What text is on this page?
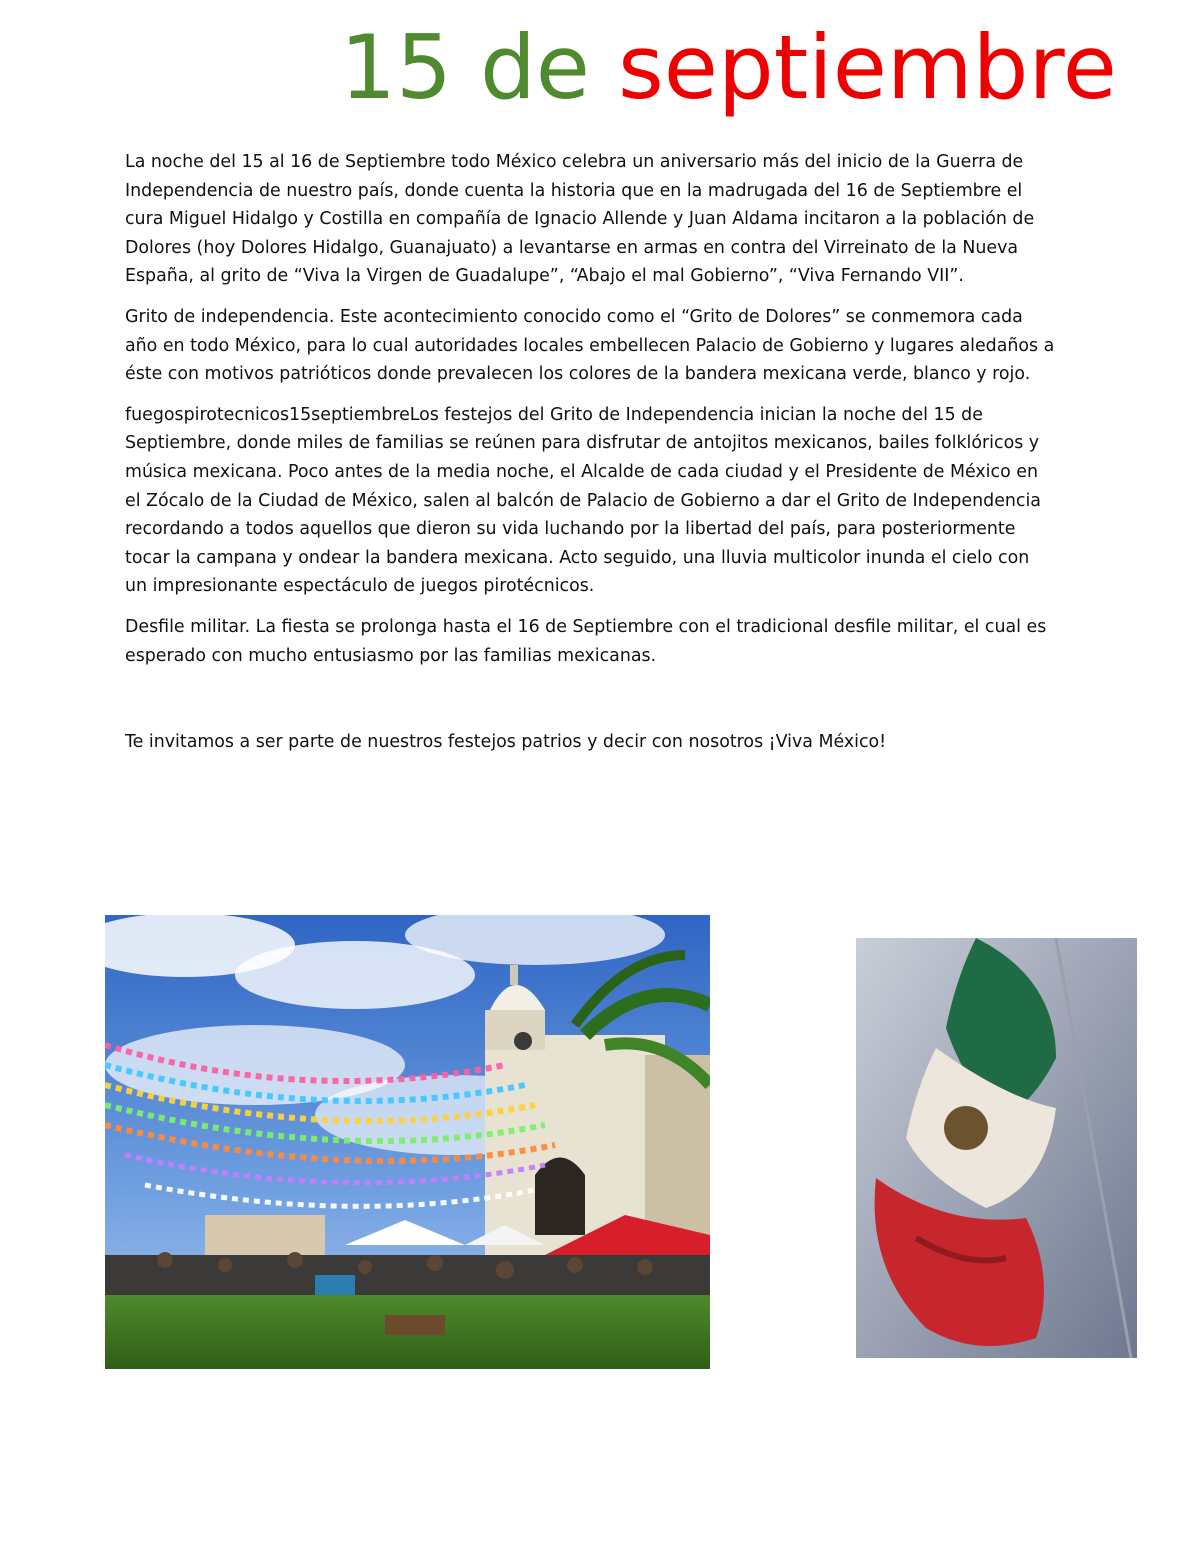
15 de septiembre

La noche del 15 al 16 de Septiembre todo México celebra un aniversario más del inicio de la Guerra de Independencia de nuestro país, donde cuenta la historia que en la madrugada del 16 de Septiembre el cura Miguel Hidalgo y Costilla en compañía de Ignacio Allende y Juan Aldama incitaron a la población de Dolores (hoy Dolores Hidalgo, Guanajuato) a levantarse en armas en contra del Virreinato de la Nueva España, al grito de “Viva la Virgen de Guadalupe”, “Abajo el mal Gobierno”, “Viva Fernando VII”.

Grito de independencia. Este acontecimiento conocido como el “Grito de Dolores” se conmemora cada año en todo México, para lo cual autoridades locales embellecen Palacio de Gobierno y lugares aledaños a éste con motivos patrióticos donde prevalecen los colores de la bandera mexicana verde, blanco y rojo.

fuegospirotecnicos15septiembreLos festejos del Grito de Independencia inician la noche del 15 de Septiembre, donde miles de familias se reúnen para disfrutar de antojitos mexicanos, bailes folklóricos y música mexicana. Poco antes de la media noche, el Alcalde de cada ciudad y el Presidente de México en el Zócalo de la Ciudad de México, salen al balcón de Palacio de Gobierno a dar el Grito de Independencia recordando a todos aquellos que dieron su vida luchando por la libertad del país, para posteriormente tocar la campana y ondear la bandera mexicana. Acto seguido, una lluvia multicolor inunda el cielo con un impresionante espectáculo de juegos pirotécnicos.

Desfile militar. La fiesta se prolonga hasta el 16 de Septiembre con el tradicional desfile militar, el cual es esperado con mucho entusiasmo por las familias mexicanas.

Te invitamos a ser parte de nuestros festejos patrios y decir con nosotros ¡Viva México!
